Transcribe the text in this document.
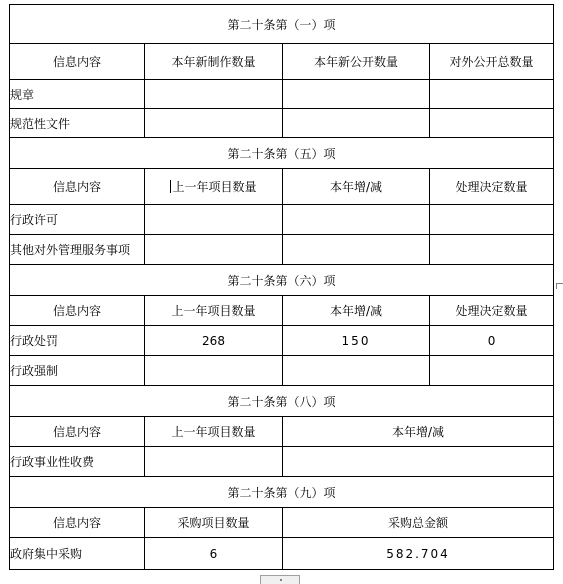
第二十条第（一）项			
信息内容	本年新制作数量	本年新公开数量	对外公开总数量
规章			
规范性文件			
第二十条第（五）项			
信息内容	上一年项目数量	本年增/减	处理决定数量
行政许可			
其他对外管理服务事项			
第二十条第（六）项			
信息内容	上一年项目数量	本年增/减	处理决定数量
行政处罚	268	150	0
行政强制			
第二十条第（八）项			
信息内容	上一年项目数量	本年增/减	
行政事业性收费			
第二十条第（九）项			
信息内容	采购项目数量	采购总金额	
政府集中采购	6	582.704	
